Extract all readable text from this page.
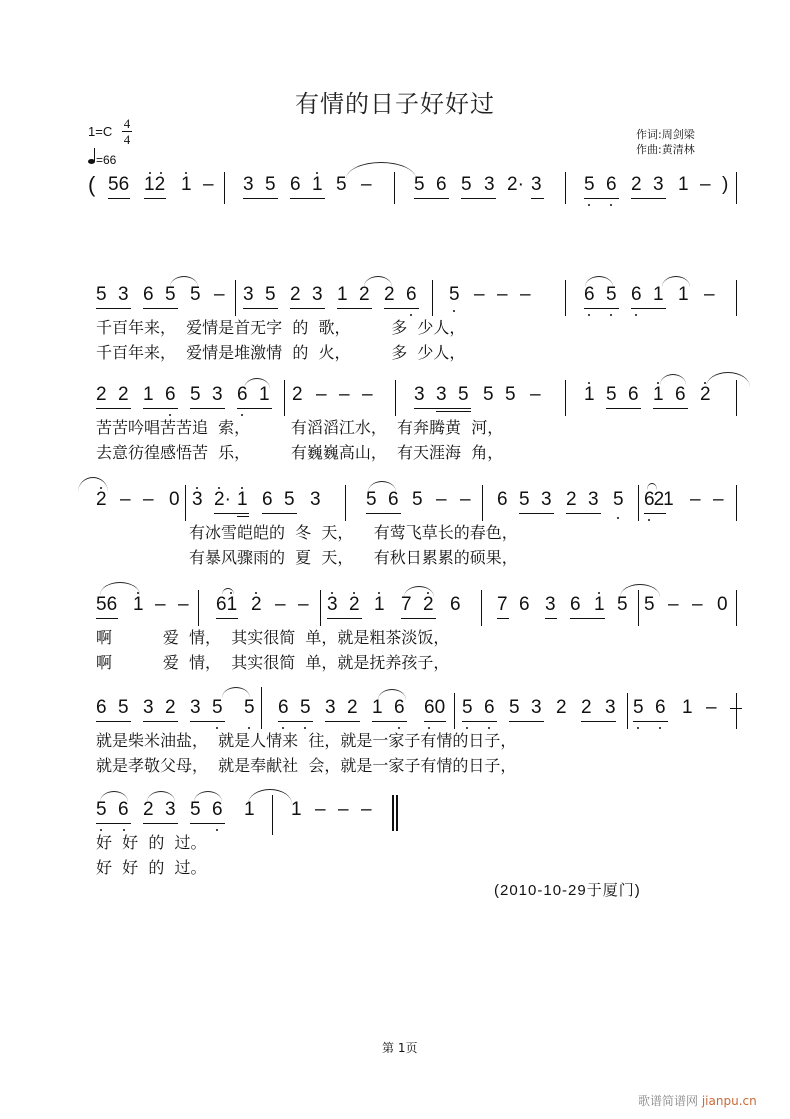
有情的日子好好过
1=C
4
4
=66
作词:周剑梁
作曲:黄清林
( 56 12 1 – 3 5 6 1 5 – 5 6 5 3 2· 3 5 6 2 3 1 – )
5 3 6 5 5 – 3 5 2 3 1 2 2 6 5 – – –	6 5 6 1 1 –
千百年来，  爱情是首无字  的  歌，        多  少人，
千百年来，  爱情是堆激情  的  火，        多  少人，
2 2 1 6 5 3 6 1 2 – – – 3 3 5 5 5 – 1 5 6 1 6 2
苦苦吟唱苦苦追  索，        有滔滔江水，  有奔腾黄  河，
去意彷徨感悟苦  乐，        有巍巍高山，  有天涯海  角，
2 – – 0 3 2· 1 6 5 3 5 6 5 – – 6 5 3 2 3 5 621 – –
有冰雪皑皑的  冬  天，    有莺飞草长的春色，
有暴风骤雨的  夏  天，    有秋日累累的硕果，
56 1 – – 61 2 – – 3 2 1 7 2 6 7 6 3 6 1 5 5 – – 0
啊          爱  情，  其实很简  单，就是粗茶淡饭，
啊          爱  情，  其实很简  单，就是抚养孩子，
6 5 3 2 3 5 5 6 5 3 2 1 6 60 5 6 5 3 2 2 3 5 6 1 –
就是柴米油盐，  就是人情来  往，就是一家子有情的日子，
就是孝敬父母，  就是奉献社  会，就是一家子有情的日子，
5 6 2 3 5 6 1 1 – – –
好  好  的  过。
好  好  的  过。
(2010-10-29于厦门)
第 1页
歌谱简谱网 jianpu.cn
